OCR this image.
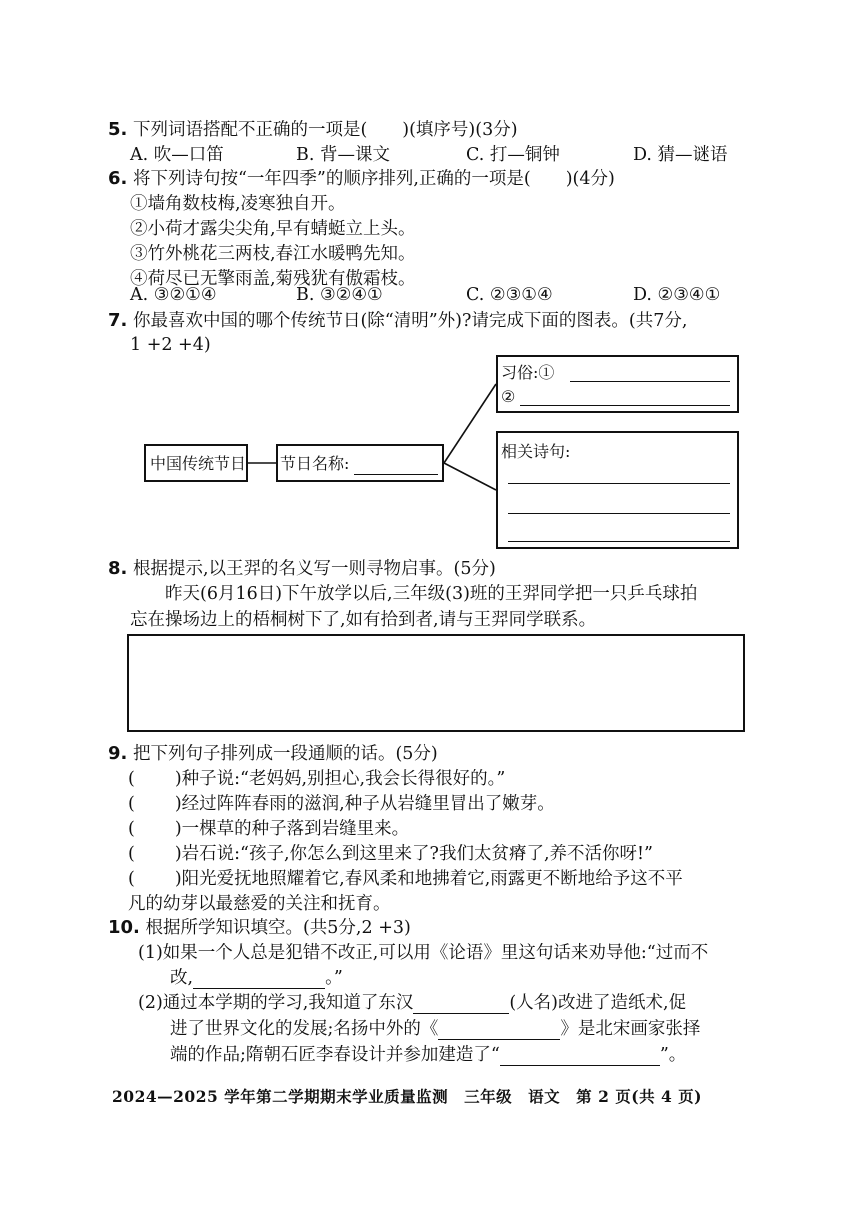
5. 下列词语搭配不正确的一项是(　　)(填序号)(3分)
A. 吹—口笛	B. 背—课文	C. 打—铜钟	D. 猜—谜语
6. 将下列诗句按“一年四季”的顺序排列,正确的一项是(　　)(4分)
①墙角数枝梅,凌寒独自开。
②小荷才露尖尖角,早有蜻蜓立上头。
③竹外桃花三两枝,春江水暖鸭先知。
④荷尽已无擎雨盖,菊残犹有傲霜枝。
A. ③②①④	B. ③②④①	C. ②③①④	D. ②③④①
7. 你最喜欢中国的哪个传统节日(除“清明”外)?请完成下面的图表。(共7分,
1 +2 +4)
中国传统节日 节日名称:
习俗:①
②
相关诗句:
8. 根据提示,以王羿的名义写一则寻物启事。(5分)
昨天(6月16日)下午放学以后,三年级(3)班的王羿同学把一只乒乓球拍
忘在操场边上的梧桐树下了,如有拾到者,请与王羿同学联系。
9. 把下列句子排列成一段通顺的话。(5分)
( )种子说:“老妈妈,别担心,我会长得很好的。”
( )经过阵阵春雨的滋润,种子从岩缝里冒出了嫩芽。
( )一棵草的种子落到岩缝里来。
( )岩石说:“孩子,你怎么到这里来了?我们太贫瘠了,养不活你呀!”
( )阳光爱抚地照耀着它,春风柔和地拂着它,雨露更不断地给予这不平
凡的幼芽以最慈爱的关注和抚育。
10. 根据所学知识填空。(共5分,2 +3)
(1)如果一个人总是犯错不改正,可以用《论语》里这句话来劝导他:“过而不
改,	。”
(2)通过本学期的学习,我知道了东汉	(人名)改进了造纸术,促
进了世界文化的发展;名扬中外的《	》是北宋画家张择
端的作品;隋朝石匠李春设计并参加建造了“	”。
2024—2025 学年第二学期期末学业质量监测　三年级　语文　第 2 页(共 4 页)
